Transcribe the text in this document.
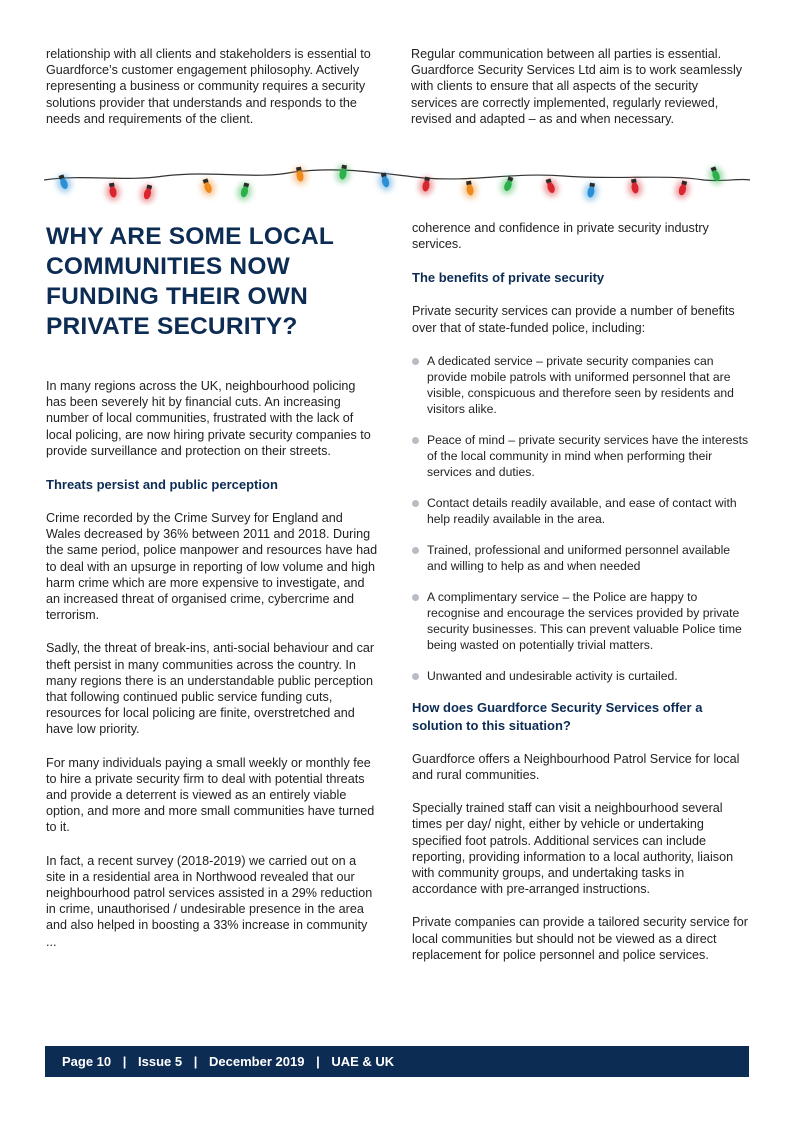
relationship with all clients and stakeholders is essential to Guardforce’s customer engagement philosophy. Actively representing a business or community requires a security solutions provider that understands and responds to the needs and requirements of the client.

Regular communication between all parties is essential. Guardforce Security Services Ltd aim is to work seamlessly with clients to ensure that all aspects of the security services are correctly implemented, regularly reviewed, revised and adapted – as and when necessary.

WHY ARE SOME LOCAL COMMUNITIES NOW FUNDING THEIR OWN PRIVATE SECURITY?

In many regions across the UK, neighbourhood policing has been severely hit by financial cuts. An increasing number of local communities, frustrated with the lack of local policing, are now hiring private security companies to provide surveillance and protection on their streets.

Threats persist and public perception

Crime recorded by the Crime Survey for England and Wales decreased by 36% between 2011 and 2018. During the same period, police manpower and resources have had to deal with an upsurge in reporting of low volume and high harm crime which are more expensive to investigate, and an increased threat of organised crime, cybercrime and terrorism.

Sadly, the threat of break-ins, anti-social behaviour and car theft persist in many communities across the country. In many regions there is an understandable public perception that following continued public service funding cuts, resources for local policing are finite, overstretched and have low priority.

For many individuals paying a small weekly or monthly fee to hire a private security firm to deal with potential threats and provide a deterrent is viewed as an entirely viable option, and more and more small communities have turned to it.

In fact, a recent survey (2018-2019) we carried out on a site in a residential area in Northwood revealed that our neighbourhood patrol services assisted in a 29% reduction in crime, unauthorised / undesirable presence in the area and also helped in boosting a 33% increase in community ...

coherence and confidence in private security industry services.

The benefits of private security

Private security services can provide a number of benefits over that of state-funded police, including:

A dedicated service – private security companies can provide mobile patrols with uniformed personnel that are visible, conspicuous and therefore seen by residents and visitors alike.
Peace of mind – private security services have the interests of the local community in mind when performing their services and duties.
Contact details readily available, and ease of contact with help readily available in the area.
Trained, professional and uniformed personnel available and willing to help as and when needed
A complimentary service – the Police are happy to recognise and encourage the services provided by private security businesses. This can prevent valuable Police time being wasted on potentially trivial matters.
Unwanted and undesirable activity is curtailed.
How does Guardforce Security Services offer a solution to this situation?

Guardforce offers a Neighbourhood Patrol Service for local and rural communities.

Specially trained staff can visit a neighbourhood several times per day/ night, either by vehicle or undertaking specified foot patrols. Additional services can include reporting, providing information to a local authority, liaison with community groups, and undertaking tasks in accordance with pre-arranged instructions.

Private companies can provide a tailored security service for local communities but should not be viewed as a direct replacement for police personnel and police services.

Page 10 | Issue 5 | December 2019 | UAE & UK
